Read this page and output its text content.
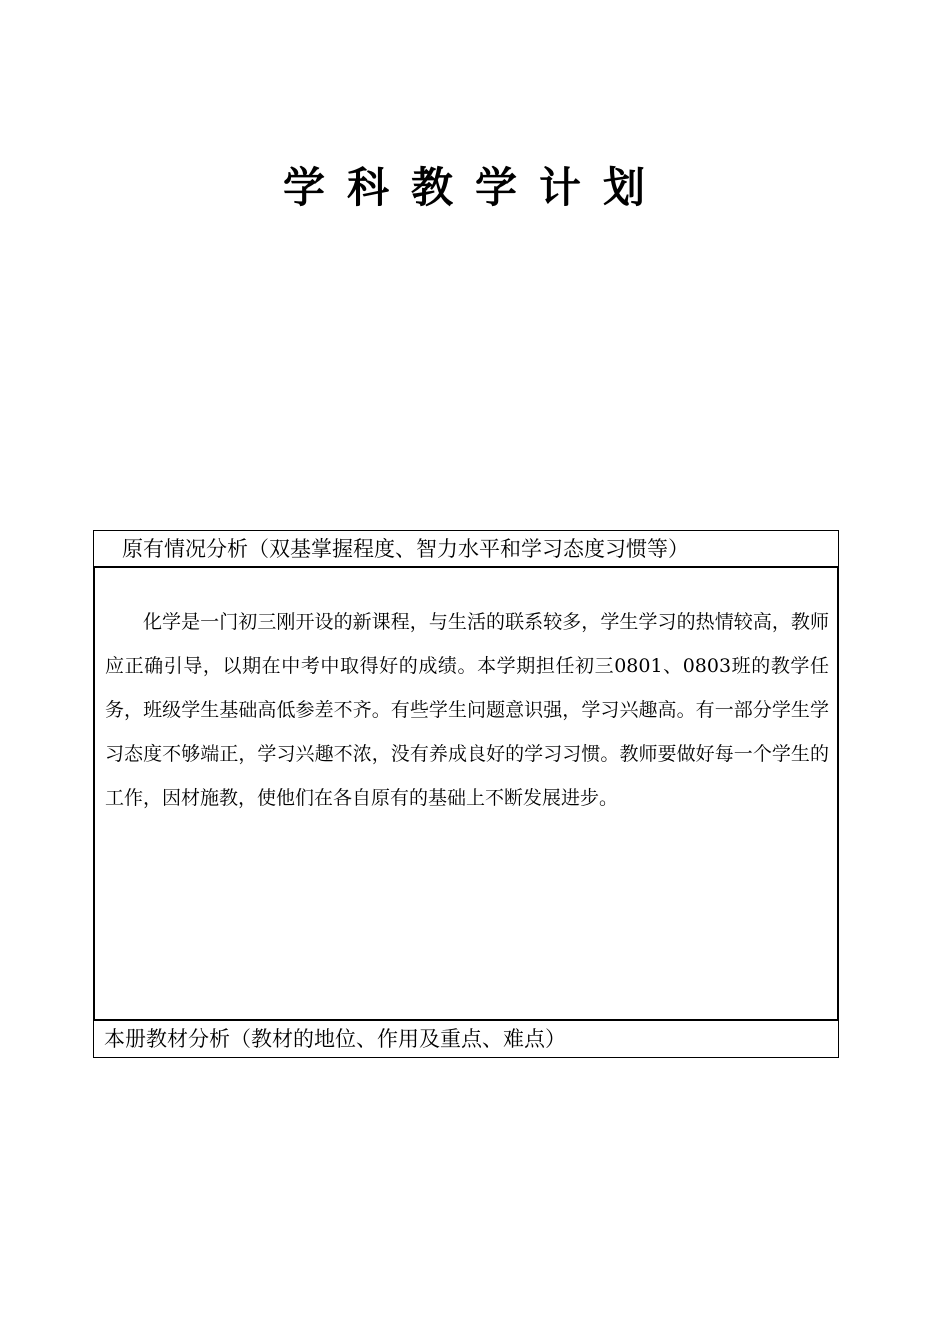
学科教学计划
原有情况分析（双基掌握程度、智力水平和学习态度习惯等）

化学是一门初三刚开设的新课程，与生活的联系较多，学生学习的热情较高，教师应正确引导，以期在中考中取得好的成绩。本学期担任初三0801、0803班的教学任务，班级学生基础高低参差不齐。有些学生问题意识强，学习兴趣高。有一部分学生学习态度不够端正，学习兴趣不浓，没有养成良好的学习习惯。教师要做好每一个学生的工作，因材施教，使他们在各自原有的基础上不断发展进步。

本册教材分析（教材的地位、作用及重点、难点）
